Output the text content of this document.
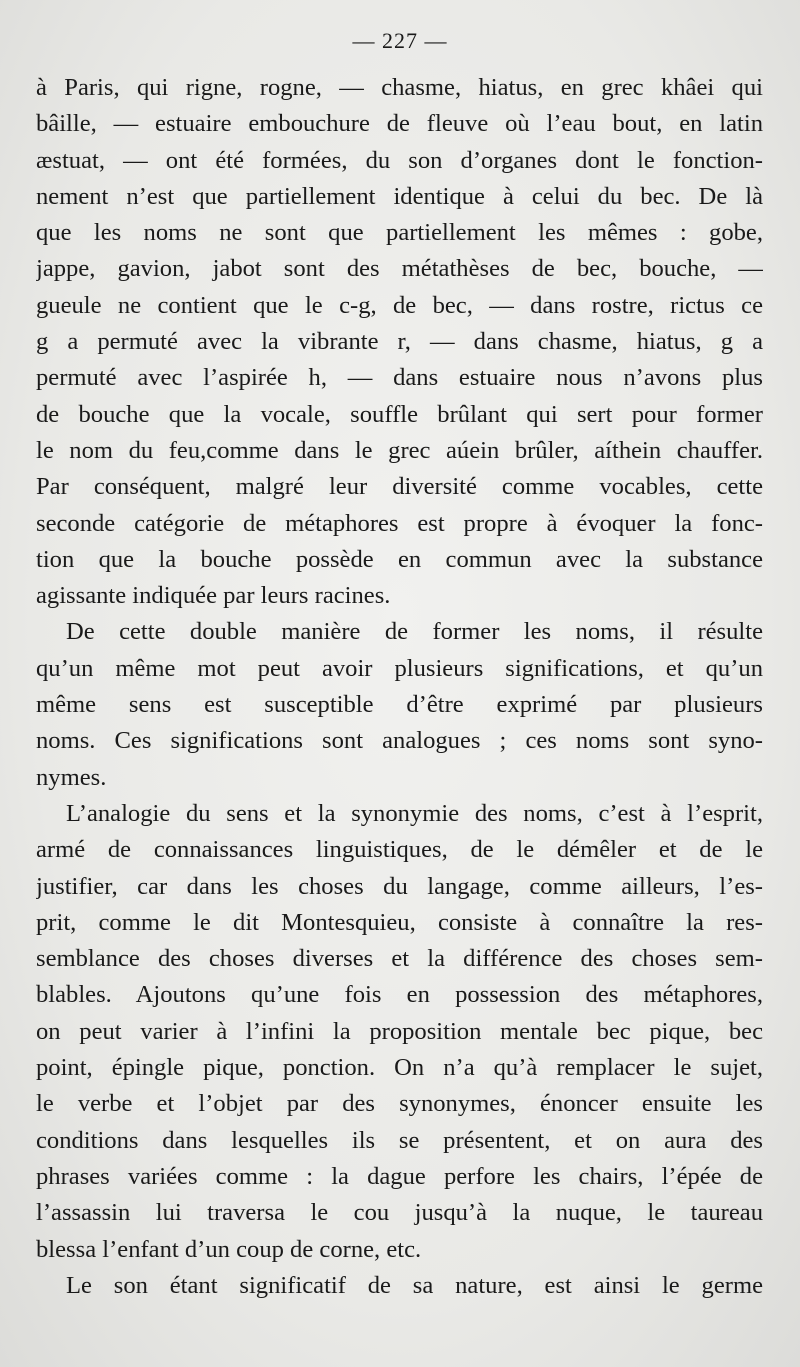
— 227 —
à Paris, qui rigne, rogne, — chasme, hiatus, en grec khâei qui
bâille, — estuaire embouchure de fleuve où l’eau bout, en latin
æstuat, — ont été formées, du son d’organes dont le fonction-
nement n’est que partiellement identique à celui du bec. De là
que les noms ne sont que partiellement les mêmes : gobe,
jappe, gavion, jabot sont des métathèses de bec, bouche, —
gueule ne contient que le c-g, de bec, — dans rostre, rictus ce
g a permuté avec la vibrante r, — dans chasme, hiatus, g a
permuté avec l’aspirée h, — dans estuaire nous n’avons plus
de bouche que la vocale, souffle brûlant qui sert pour former
le nom du feu,comme dans le grec aúein brûler, aíthein chauffer.
Par conséquent, malgré leur diversité comme vocables, cette
seconde catégorie de métaphores est propre à évoquer la fonc-
tion que la bouche possède en commun avec la substance
agissante indiquée par leurs racines.
De cette double manière de former les noms, il résulte
qu’un même mot peut avoir plusieurs significations, et qu’un
même sens est susceptible d’être exprimé par plusieurs
noms. Ces significations sont analogues ; ces noms sont syno-
nymes.
L’analogie du sens et la synonymie des noms, c’est à l’esprit,
armé de connaissances linguistiques, de le démêler et de le
justifier, car dans les choses du langage, comme ailleurs, l’es-
prit, comme le dit Montesquieu, consiste à connaître la res-
semblance des choses diverses et la différence des choses sem-
blables. Ajoutons qu’une fois en possession des métaphores,
on peut varier à l’infini la proposition mentale bec pique, bec
point, épingle pique, ponction. On n’a qu’à remplacer le sujet,
le verbe et l’objet par des synonymes, énoncer ensuite les
conditions dans lesquelles ils se présentent, et on aura des
phrases variées comme : la dague perfore les chairs, l’épée de
l’assassin lui traversa le cou jusqu’à la nuque, le taureau
blessa l’enfant d’un coup de corne, etc.
Le son étant significatif de sa nature, est ainsi le germe
